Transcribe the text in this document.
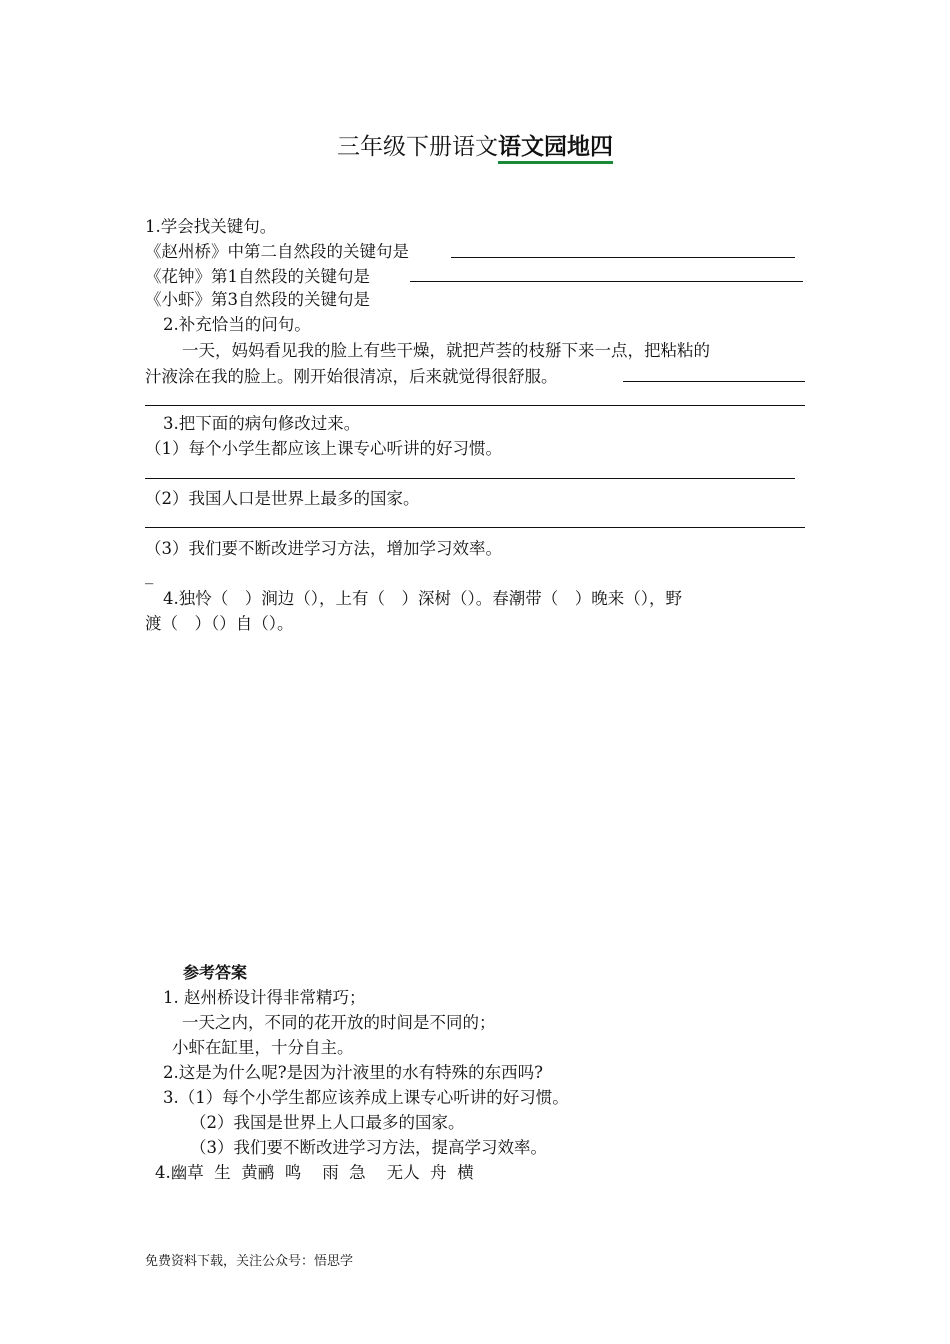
三年级下册语文语文园地四
1.学会找关键句。
《赵州桥》中第二自然段的关键句是
《花钟》第1自然段的关键句是
《小虾》第3自然段的关键句是
2.补充恰当的问句。
一天，妈妈看见我的脸上有些干燥，就把芦荟的枝掰下来一点，把粘粘的
汁液涂在我的脸上。刚开始很清凉，后来就觉得很舒服。
3.把下面的病句修改过来。
（1）每个小学生都应该上课专心听讲的好习惯。
（2）我国人口是世界上最多的国家。
（3）我们要不断改进学习方法，增加学习效率。
_
4.独怜（　）涧边（），上有（　）深树（）。春潮带（　）晚来（），野
渡（　）（）自（）。
参考答案
1. 赵州桥设计得非常精巧；
一天之内，不同的花开放的时间是不同的；
小虾在缸里，十分自主。
2.这是为什么呢?是因为汁液里的水有特殊的东西吗?
3.（1）每个小学生都应该养成上课专心听讲的好习惯。
（2）我国是世界上人口最多的国家。
（3）我们要不断改进学习方法，提高学习效率。
4.幽草  生  黄鹂  鸣    雨  急    无人  舟  横
免费资料下载，关注公众号：悟思学
